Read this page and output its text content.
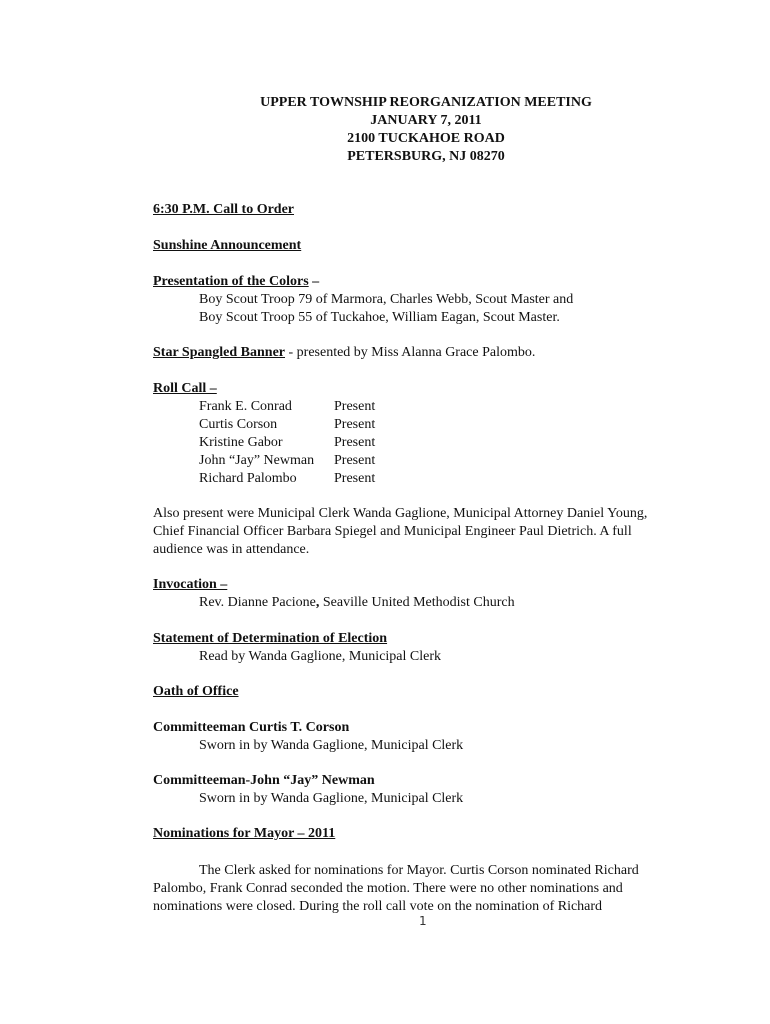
UPPER TOWNSHIP REORGANIZATION MEETING
JANUARY 7, 2011
2100 TUCKAHOE ROAD
PETERSBURG, NJ 08270
6:30 P.M. Call to Order
Sunshine Announcement
Presentation of the Colors –
Boy Scout Troop 79 of Marmora, Charles Webb, Scout Master and
Boy Scout Troop 55 of Tuckahoe, William Eagan, Scout Master.
Star Spangled Banner - presented by Miss Alanna Grace Palombo.
Roll Call –
Frank E. Conrad	Present
Curtis Corson	Present
Kristine Gabor	Present
John “Jay” Newman	Present
Richard Palombo	Present
Also present were Municipal Clerk Wanda Gaglione, Municipal Attorney Daniel Young,
Chief Financial Officer Barbara Spiegel and Municipal Engineer Paul Dietrich. A full
audience was in attendance.
Invocation –
Rev. Dianne Pacione, Seaville United Methodist Church
Statement of Determination of Election
Read by Wanda Gaglione, Municipal Clerk
Oath of Office
Committeeman Curtis T. Corson
Sworn in by Wanda Gaglione, Municipal Clerk
Committeeman-John “Jay” Newman
Sworn in by Wanda Gaglione, Municipal Clerk
Nominations for Mayor – 2011
The Clerk asked for nominations for Mayor. Curtis Corson nominated Richard
Palombo, Frank Conrad seconded the motion. There were no other nominations and
nominations were closed. During the roll call vote on the nomination of Richard
1
